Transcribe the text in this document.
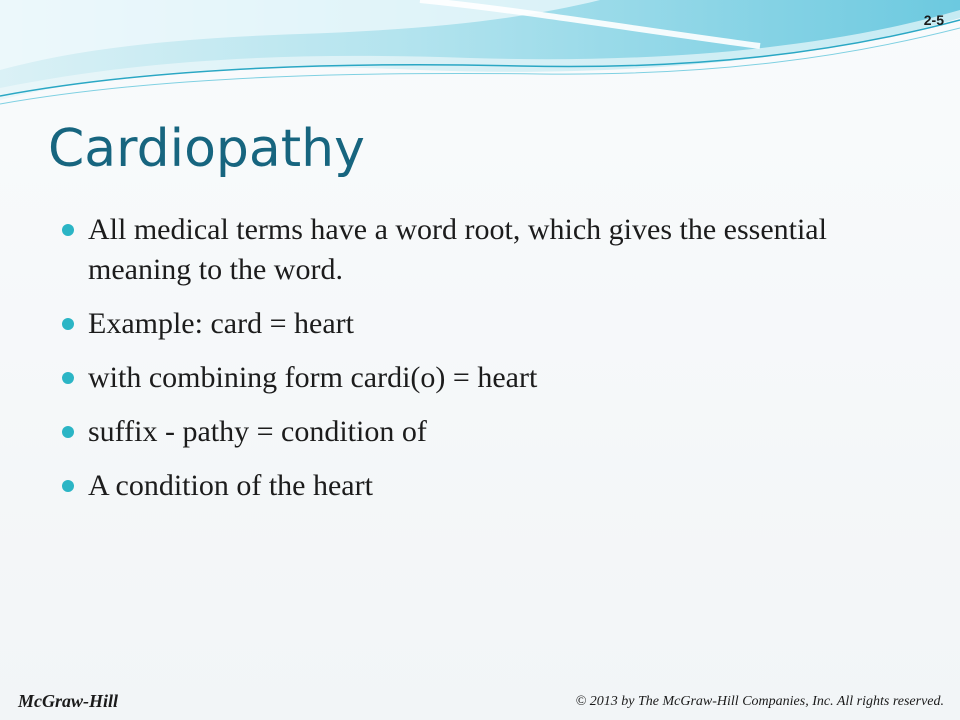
2-5
Cardiopathy
All medical terms have a word root, which gives the essential meaning to the word.
Example: card = heart
with combining form cardi(o) = heart
suffix - pathy = condition of
A condition of the heart
McGraw-Hill	© 2013 by The McGraw-Hill Companies, Inc. All rights reserved.
